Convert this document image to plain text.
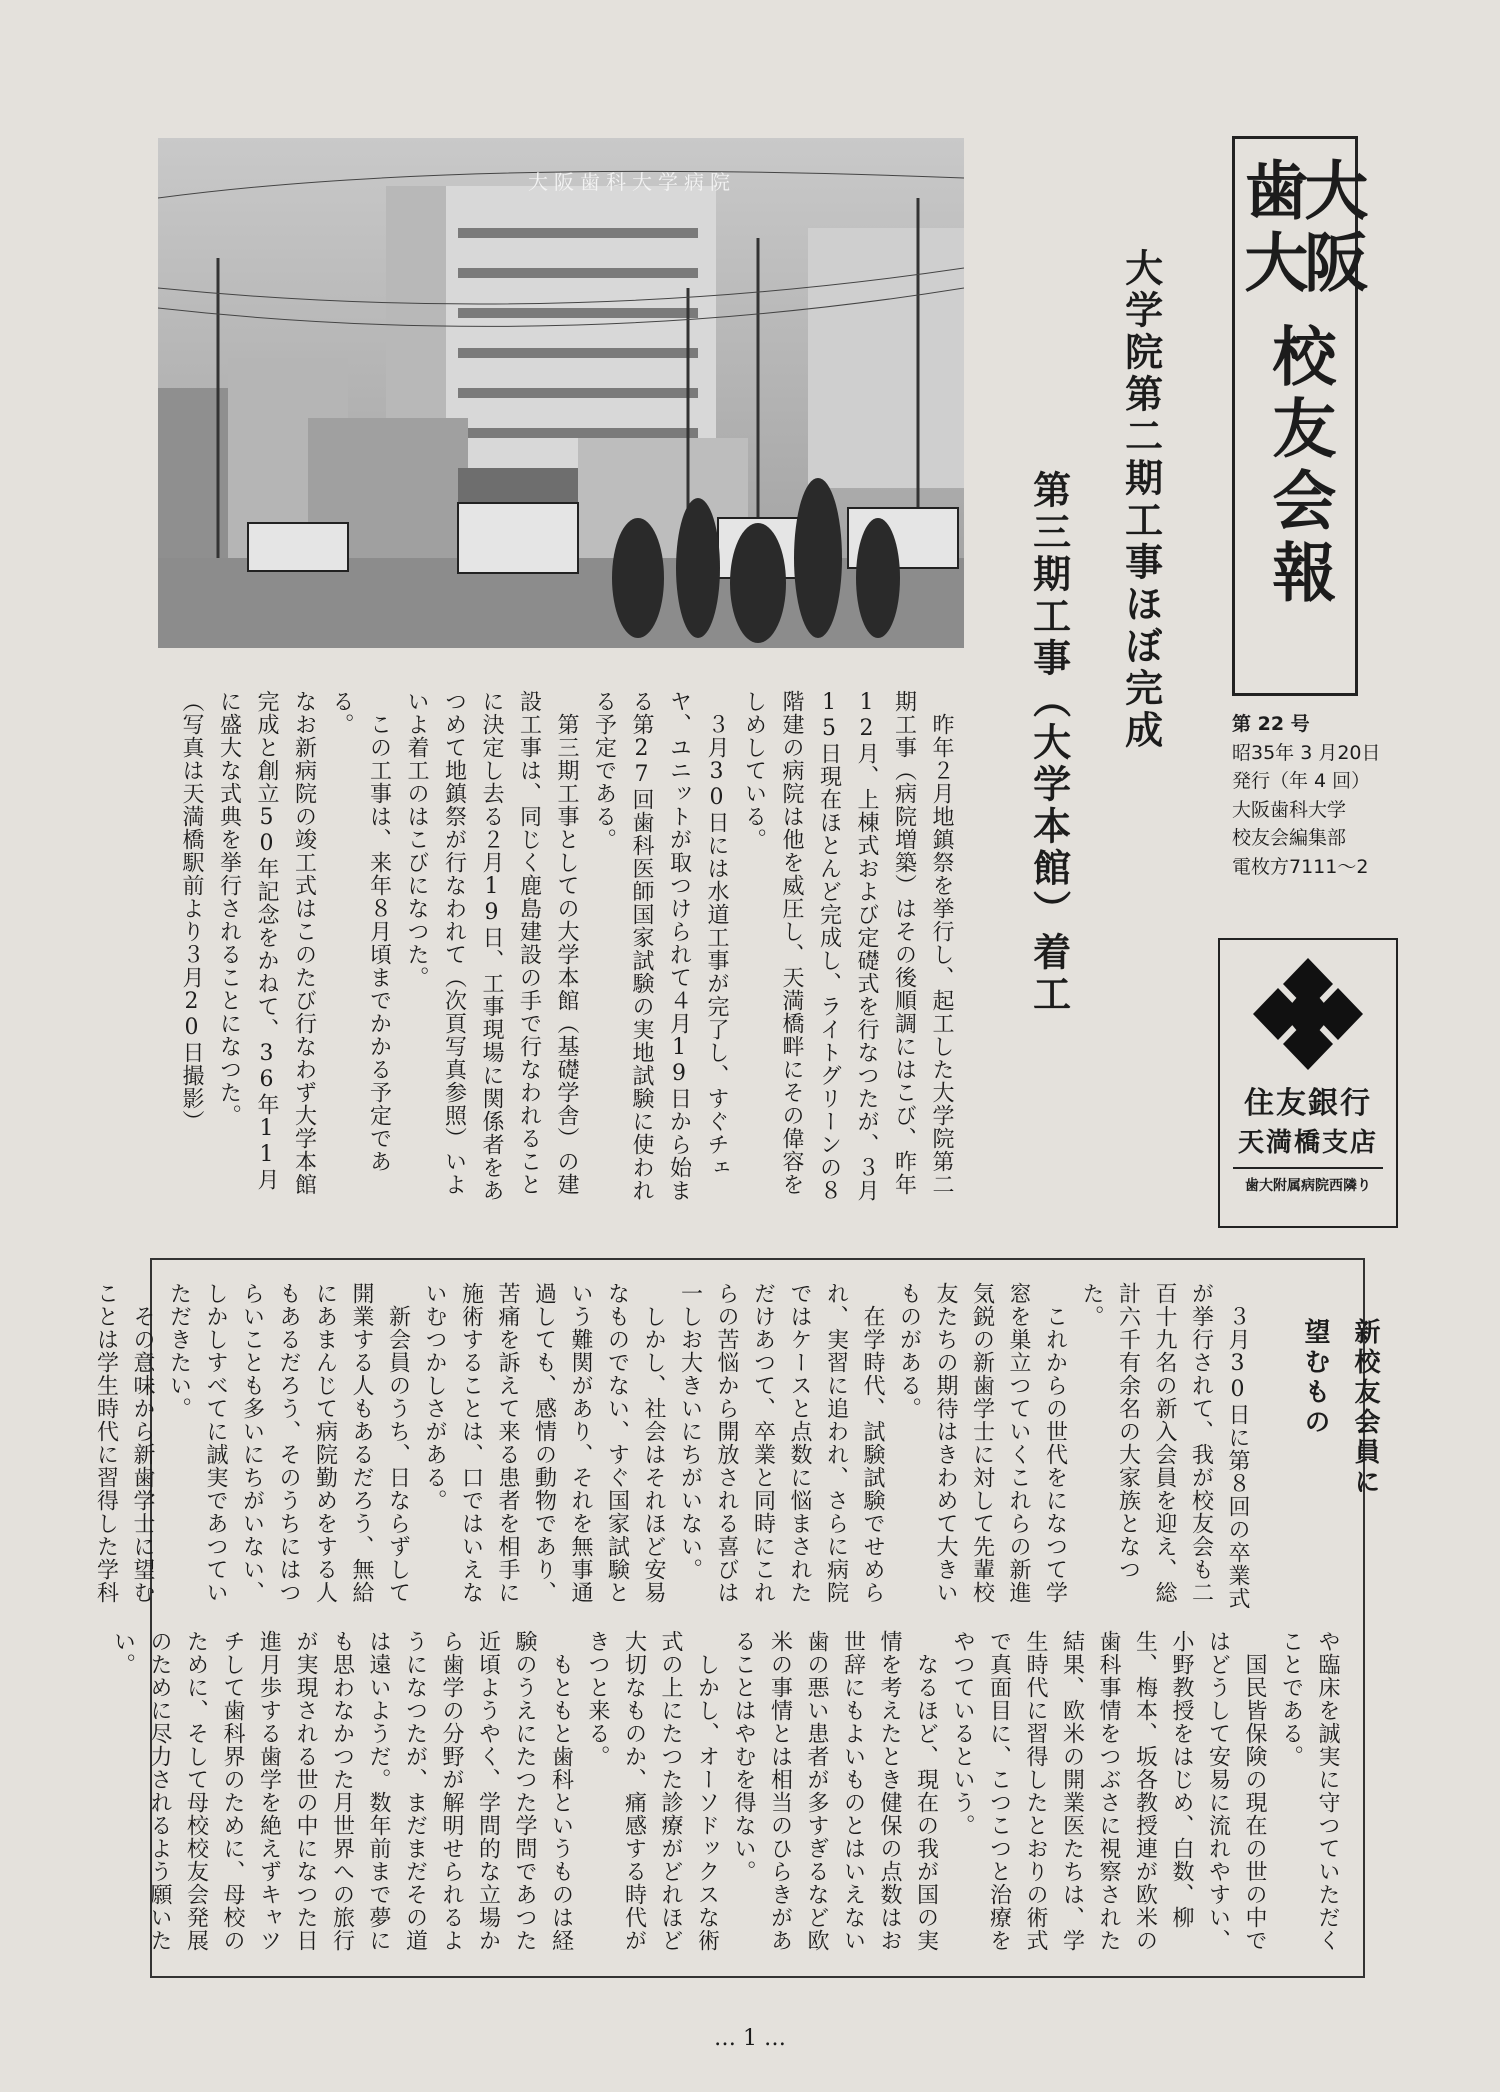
大阪歯科大学病院	大阪
歯大
校友会報
第 22 号
昭35年 3 月20日
発行（年 4 回）
大阪歯科大学
校友会編集部
電枚方7111〜2
住友銀行
天満橋支店
歯大附属病院西隣り
大学院第二期工事ほぼ完成
第三期工事（大学本館）着工
　昨年２月地鎮祭を挙行し、起工した大学院第二期工事（病院増築）はその後順調にはこび、昨年12月、上棟式および定礎式を行なつたが、３月15日現在ほとんど完成し、ライトグリーンの８階建の病院は他を威圧し、天満橋畔にその偉容をしめしている。
　３月30日には水道工事が完了し、すぐチェヤ、ユニットが取つけられて４月19日から始まる第27回歯科医師国家試験の実地試験に使われる予定である。
　第三期工事としての大学本館（基礎学舎）の建設工事は、同じく鹿島建設の手で行なわれることに決定し去る２月19日、工事現場に関係者をあつめて地鎮祭が行なわれて（次頁写真参照）いよいよ着工のはこびになつた。
　この工事は、来年８月頃までかかる予定である。
なお新病院の竣工式はこのたび行なわず大学本館完成と創立50年記念をかねて、36年11月に盛大な式典を挙行されることになつた。
（写真は天満橋駅前より３月20日撮影）
新校友会員に
望むもの
　３月30日に第８回の卒業式が挙行されて、我が校友会も二百十九名の新入会員を迎え、総計六千有余名の大家族となつた。
　これからの世代をになつて学窓を巣立つていくこれらの新進気鋭の新歯学士に対して先輩校友たちの期待はきわめて大きいものがある。
　在学時代、試験試験でせめられ、実習に追われ、さらに病院ではケースと点数に悩まされただけあつて、卒業と同時にこれらの苦悩から開放される喜びは一しお大きいにちがいない。
　しかし、社会はそれほど安易なものでない、すぐ国家試験という難関があり、それを無事通過しても、感情の動物であり、苦痛を訴えて来る患者を相手に施術することは、口ではいえないむつかしさがある。
　新会員のうち、日ならずして開業する人もあるだろう、無給にあまんじて病院勤めをする人もあるだろう、そのうちにはつらいことも多いにちがいない、しかしすべてに誠実であつていただきたい。
　その意味から新歯学士に望むことは学生時代に習得した学科
や臨床を誠実に守つていただくことである。
　国民皆保険の現在の世の中ではどうして安易に流れやすい、小野教授をはじめ、白数、柳生、梅本、坂各教授連が欧米の歯科事情をつぶさに視察された結果、欧米の開業医たちは、学生時代に習得したとおりの術式で真面目に、こつこつと治療をやつているという。
　なるほど、現在の我が国の実情を考えたとき健保の点数はお世辞にもよいものとはいえない歯の悪い患者が多すぎるなど欧米の事情とは相当のひらきがあることはやむを得ない。
　しかし、オーソドックスな術式の上にたつた診療がどれほど大切なものか、痛感する時代がきつと来る。
　もともと歯科というものは経験のうえにたつた学問であつた近頃ようやく、学問的な立場から歯学の分野が解明せられるようになつたが、まだまだその道は遠いようだ。数年前まで夢にも思わなかつた月世界への旅行が実現される世の中になつた日進月歩する歯学を絶えずキャツチして歯科界のために、母校のために、そして母校校友会発展のために尽力されるよう願いたい。
… 1 …
